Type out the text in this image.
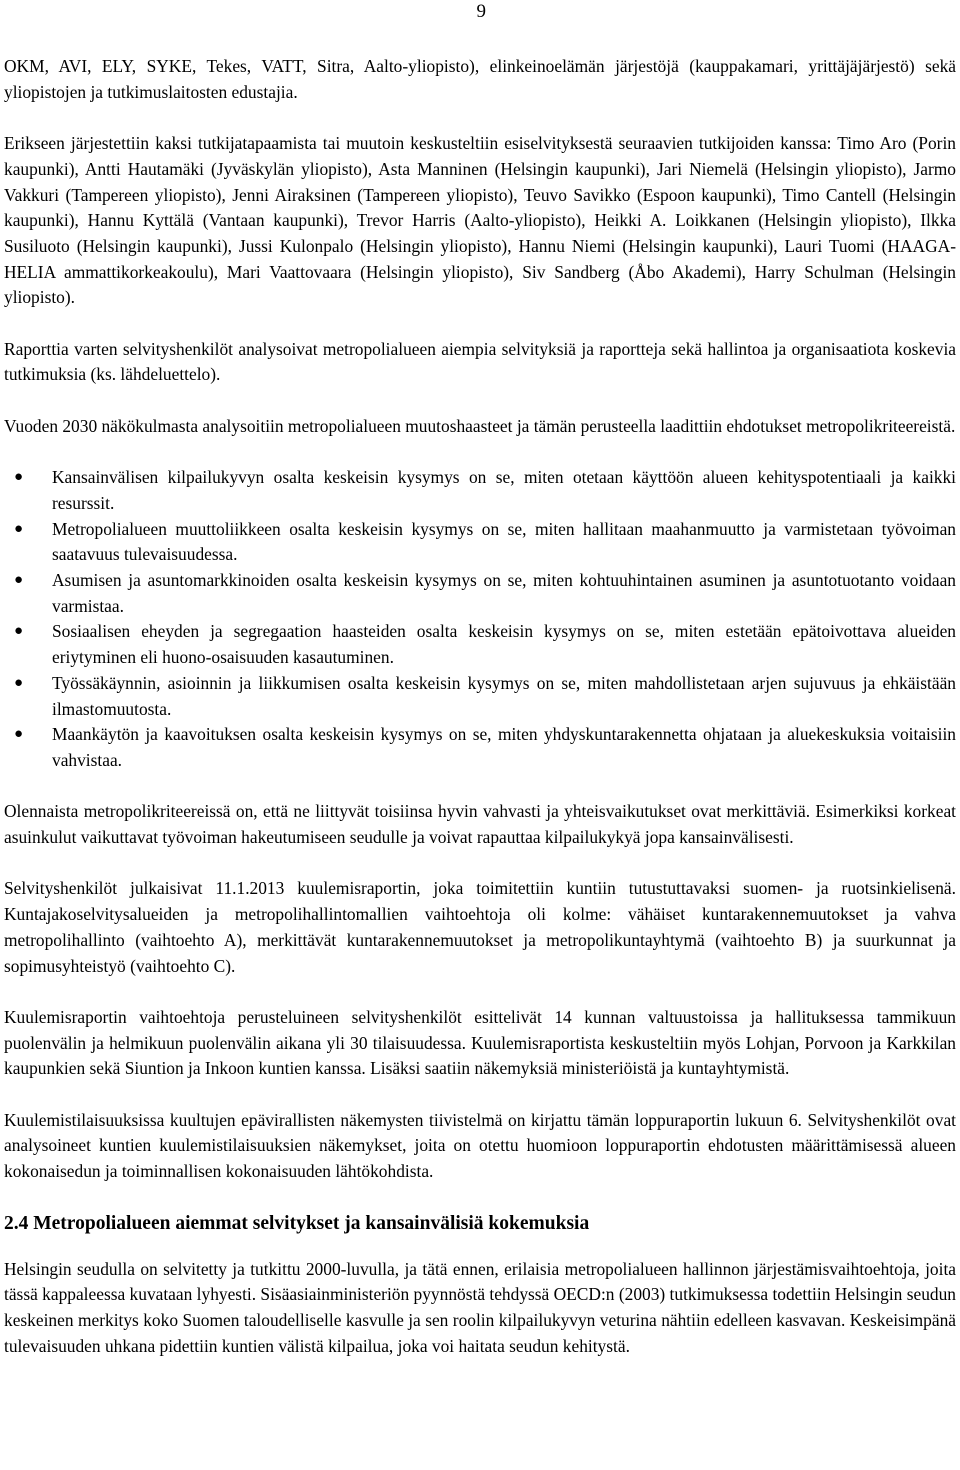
9

OKM, AVI, ELY, SYKE, Tekes, VATT, Sitra, Aalto-yliopisto), elinkeinoelämän järjestöjä (kauppakamari, yrittäjäjärjestö) sekä yliopistojen ja tutkimuslaitosten edustajia.

Erikseen järjestettiin kaksi tutkijatapaamista tai muutoin keskusteltiin esiselvityksestä seuraavien tutkijoiden kanssa: Timo Aro (Porin kaupunki), Antti Hautamäki (Jyväskylän yliopisto), Asta Manninen (Helsingin kaupunki), Jari Niemelä (Helsingin yliopisto), Jarmo Vakkuri (Tampereen yliopisto), Jenni Airaksinen (Tampereen yliopisto), Teuvo Savikko (Espoon kaupunki), Timo Cantell (Helsingin kaupunki), Hannu Kyttälä (Vantaan kaupunki), Trevor Harris (Aalto-yliopisto), Heikki A. Loikkanen (Helsingin yliopisto), Ilkka Susiluoto (Helsingin kaupunki), Jussi Kulonpalo (Helsingin yliopisto), Hannu Niemi (Helsingin kaupunki), Lauri Tuomi (HAAGA-HELIA ammattikorkeakoulu), Mari Vaattovaara (Helsingin yliopisto), Siv Sandberg (Åbo Akademi), Harry Schulman (Helsingin yliopisto).

Raporttia varten selvityshenkilöt analysoivat metropolialueen aiempia selvityksiä ja raportteja sekä hallintoa ja organisaatiota koskevia tutkimuksia (ks. lähdeluettelo).

Vuoden 2030 näkökulmasta analysoitiin metropolialueen muutoshaasteet ja tämän perusteella laadittiin ehdotukset metropolikriteereistä.

● Kansainvälisen kilpailukyvyn osalta keskeisin kysymys on se, miten otetaan käyttöön alueen kehityspotentiaali ja kaikki resurssit.
● Metropolialueen muuttoliikkeen osalta keskeisin kysymys on se, miten hallitaan maahanmuutto ja varmistetaan työvoiman saatavuus tulevaisuudessa.
● Asumisen ja asuntomarkkinoiden osalta keskeisin kysymys on se, miten kohtuuhintainen asuminen ja asuntotuotanto voidaan varmistaa.
● Sosiaalisen eheyden ja segregaation haasteiden osalta keskeisin kysymys on se, miten estetään epätoivottava alueiden eriytyminen eli huono-osaisuuden kasautuminen.
● Työssäkäynnin, asioinnin ja liikkumisen osalta keskeisin kysymys on se, miten mahdollistetaan arjen sujuvuus ja ehkäistään ilmastomuutosta.
● Maankäytön ja kaavoituksen osalta keskeisin kysymys on se, miten yhdyskuntarakennetta ohjataan ja aluekeskuksia voitaisiin vahvistaa.

Olennaista metropolikriteereissä on, että ne liittyvät toisiinsa hyvin vahvasti ja yhteisvaikutukset ovat merkittäviä. Esimerkiksi korkeat asuinkulut vaikuttavat työvoiman hakeutumiseen seudulle ja voivat rapauttaa kilpailukykyä jopa kansainvälisesti.

Selvityshenkilöt julkaisivat 11.1.2013 kuulemisraportin, joka toimitettiin kuntiin tutustuttavaksi suomen- ja ruotsinkielisenä. Kuntajakoselvitysalueiden ja metropolihallintomallien vaihtoehtoja oli kolme: vähäiset kuntarakennemuutokset ja vahva metropolihallinto (vaihtoehto A), merkittävät kuntarakennemuutokset ja metropolikuntayhtymä (vaihtoehto B) ja suurkunnat ja sopimusyhteistyö (vaihtoehto C).

Kuulemisraportin vaihtoehtoja perusteluineen selvityshenkilöt esittelivät 14 kunnan valtuustoissa ja hallituksessa tammikuun puolenvälin ja helmikuun puolenvälin aikana yli 30 tilaisuudessa. Kuulemisraportista keskusteltiin myös Lohjan, Porvoon ja Karkkilan kaupunkien sekä Siuntion ja Inkoon kuntien kanssa. Lisäksi saatiin näkemyksiä ministeriöistä ja kuntayhtymistä.

Kuulemistilaisuuksissa kuultujen epävirallisten näkemysten tiivistelmä on kirjattu tämän loppuraportin lukuun 6. Selvityshenkilöt ovat analysoineet kuntien kuulemistilaisuuksien näkemykset, joita on otettu huomioon loppuraportin ehdotusten määrittämisessä alueen kokonaisedun ja toiminnallisen kokonaisuuden lähtökohdista.

2.4 Metropolialueen aiemmat selvitykset ja kansainvälisiä kokemuksia

Helsingin seudulla on selvitetty ja tutkittu 2000-luvulla, ja tätä ennen, erilaisia metropolialueen hallinnon järjestämisvaihtoehtoja, joita tässä kappaleessa kuvataan lyhyesti. Sisäasiainministeriön pyynnöstä tehdyssä OECD:n (2003) tutkimuksessa todettiin Helsingin seudun keskeinen merkitys koko Suomen taloudelliselle kasvulle ja sen roolin kilpailukyvyn veturina nähtiin edelleen kasvavan. Keskeisimpänä tulevaisuuden uhkana pidettiin kuntien välistä kilpailua, joka voi haitata seudun kehitystä.
